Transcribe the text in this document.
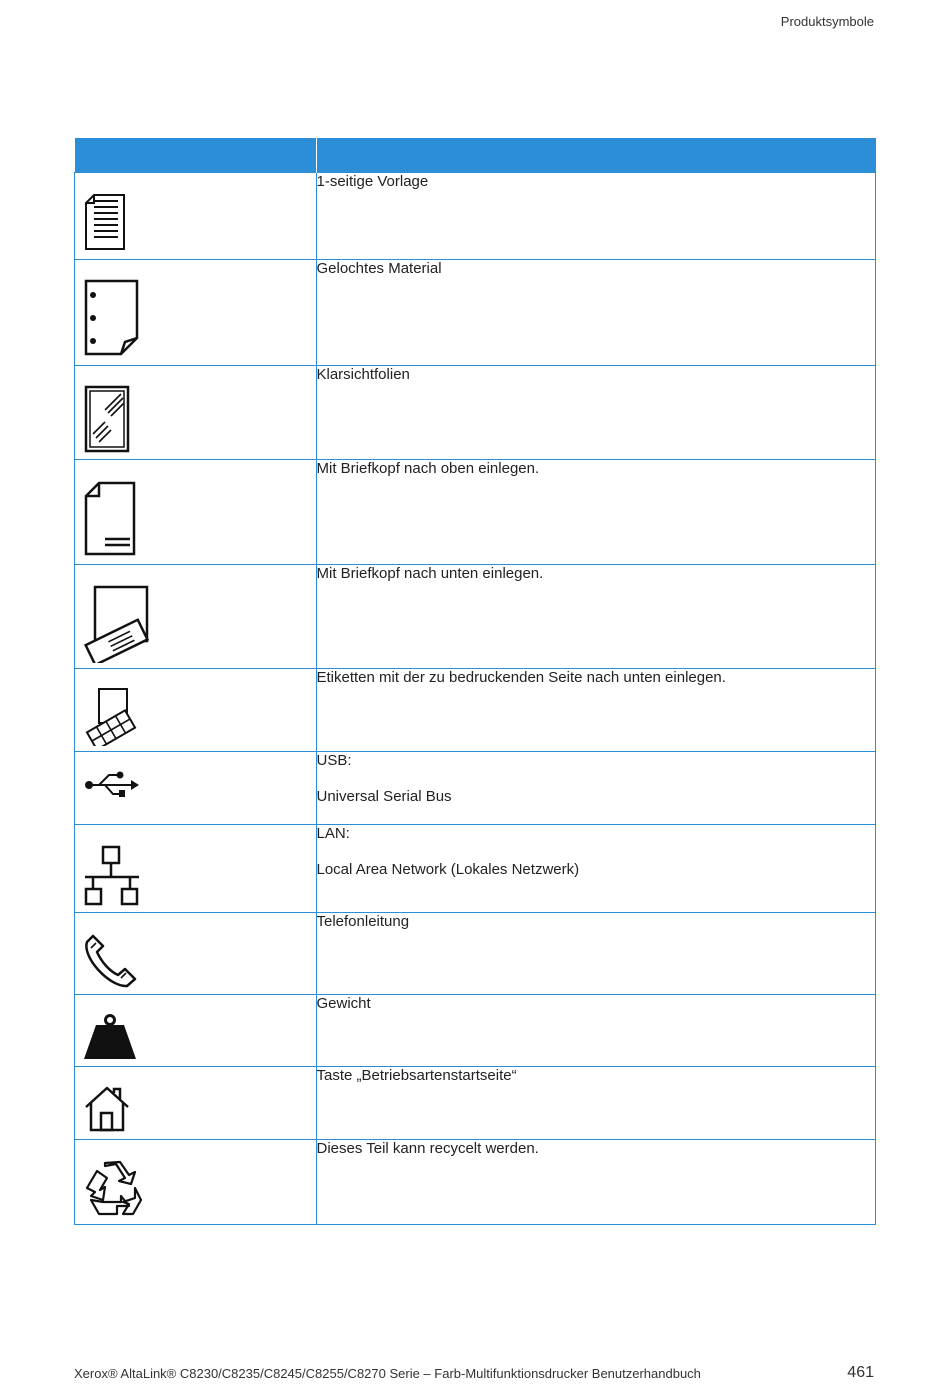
Produktsymbole

1-seitige Vorlage

Gelochtes Material

Klarsichtfolien

Mit Briefkopf nach oben einlegen.

Mit Briefkopf nach unten einlegen.

Etiketten mit der zu bedruckenden Seite nach unten einlegen.

USB:

Universal Serial Bus

LAN:

Local Area Network (Lokales Netzwerk)

Telefonleitung

Gewicht

Taste „Betriebsartenstartseite“

Dieses Teil kann recycelt werden.

Xerox® AltaLink® C8230/C8235/C8245/C8255/C8270 Serie – Farb-Multifunktionsdrucker Benutzerhandbuch	461
